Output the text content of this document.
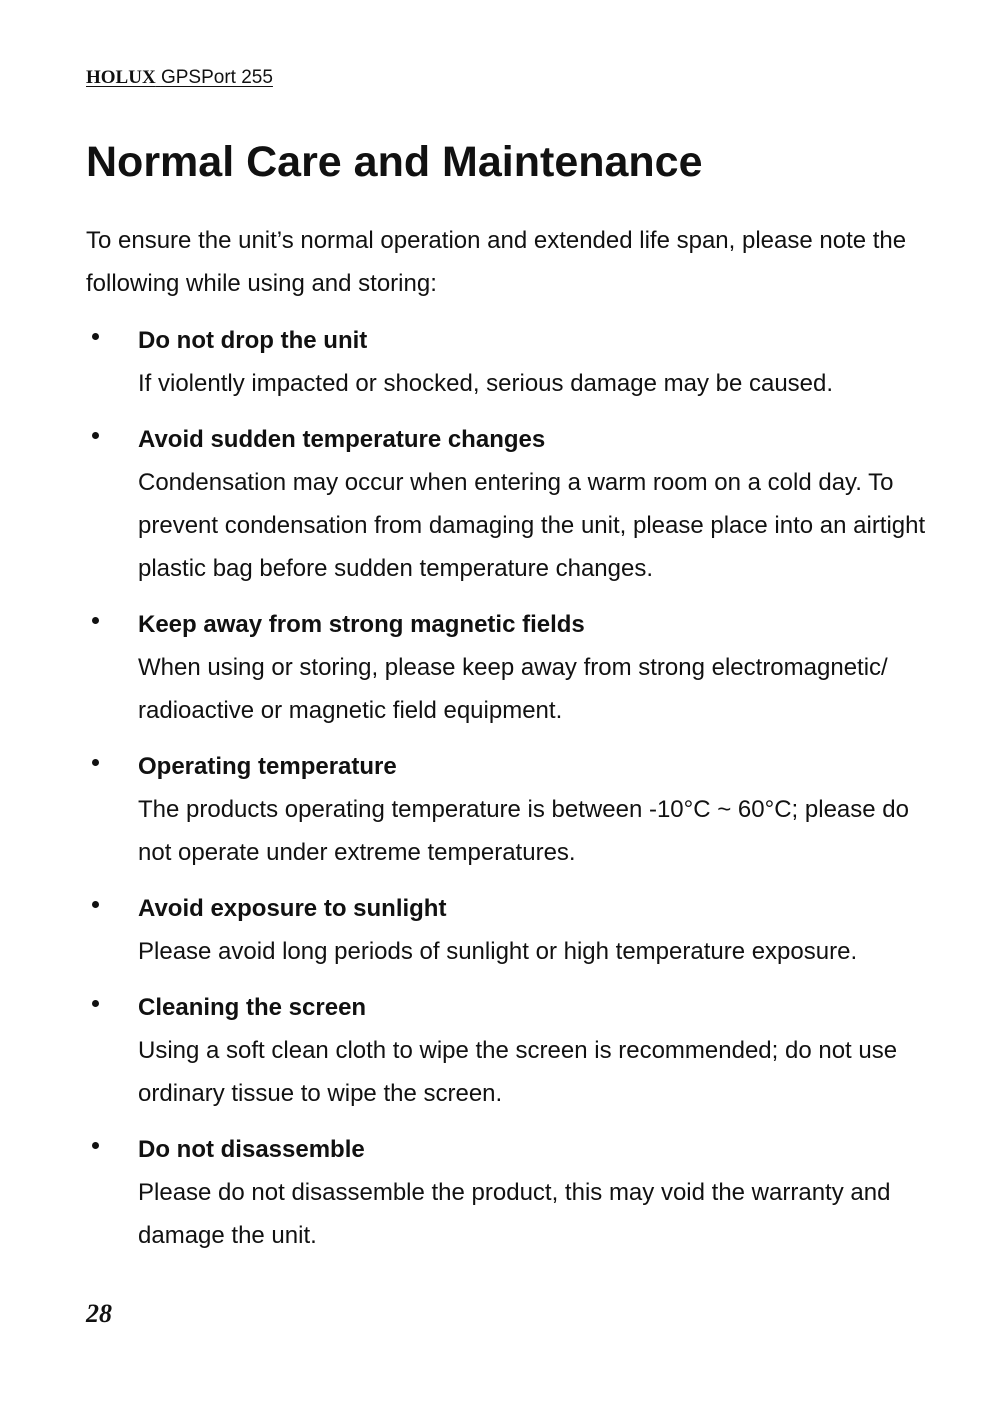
HOLUX GPSPort 255
Normal Care and Maintenance

To ensure the unit’s normal operation and extended life span, please note the following while using and storing:

Do not drop the unit
If violently impacted or shocked, serious damage may be caused.
Avoid sudden temperature changes
Condensation may occur when entering a warm room on a cold day. To prevent condensation from damaging the unit, please place into an airtight plastic bag before sudden temperature changes.
Keep away from strong magnetic fields
When using or storing, please keep away from strong electromagnetic/ radioactive or magnetic field equipment.
Operating temperature
The products operating temperature is between -10°C ~ 60°C; please do not operate under extreme temperatures.
Avoid exposure to sunlight
Please avoid long periods of sunlight or high temperature exposure.
Cleaning the screen
Using a soft clean cloth to wipe the screen is recommended; do not use ordinary tissue to wipe the screen.
Do not disassemble
Please do not disassemble the product, this may void the warranty and damage the unit.
28
